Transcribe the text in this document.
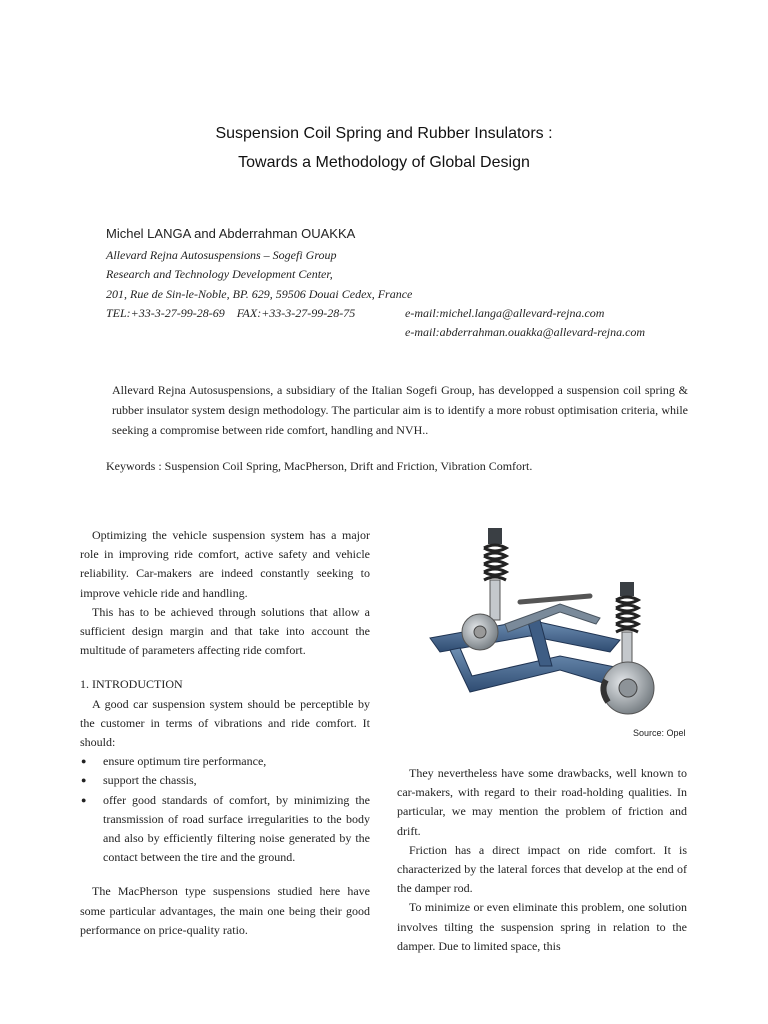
Suspension Coil Spring and Rubber Insulators :
Towards a Methodology of Global Design
Michel LANGA and Abderrahman OUAKKA
Allevard Rejna Autosuspensions – Sogefi Group
Research and Technology Development Center,
201, Rue de Sin-le-Noble, BP. 629, 59506 Douai Cedex, France
TEL:+33-3-27-99-28-69    FAX:+33-3-27-99-28-75	e-mail:michel.langa@allevard-rejna.com
e-mail:abderrahman.ouakka@allevard-rejna.com
Allevard Rejna Autosuspensions, a subsidiary of the Italian Sogefi Group, has developped a suspension coil spring & rubber insulator system design methodology. The particular aim is to identify a more robust optimisation criteria, while seeking a compromise between ride comfort, handling and NVH..
Keywords : Suspension Coil Spring, MacPherson, Drift and Friction, Vibration Comfort.

Optimizing the vehicle suspension system has a major role in improving ride comfort, active safety and vehicle reliability. Car-makers are indeed constantly seeking to improve vehicle ride and handling.

This has to be achieved through solutions that allow a sufficient design margin and that take into account the multitude of parameters affecting ride comfort.

1. INTRODUCTION

A good car suspension system should be perceptible by the customer in terms of vibrations and ride comfort. It should:

● ensure optimum tire performance,
● support the chassis,
● offer good standards of comfort, by minimizing the transmission of road surface irregularities to the body and also by efficiently filtering noise generated by the contact between the tire and the ground.

The MacPherson type suspensions studied here have some particular advantages, the main one being their good performance on price-quality ratio.

Source: Opel

They nevertheless have some drawbacks, well known to car-makers, with regard to their road-holding qualities. In particular, we may mention the problem of friction and drift.

Friction has a direct impact on ride comfort. It is characterized by the lateral forces that develop at the end of the damper rod.

To minimize or even eliminate this problem, one solution involves tilting the suspension spring in relation to the damper. Due to limited space, this
